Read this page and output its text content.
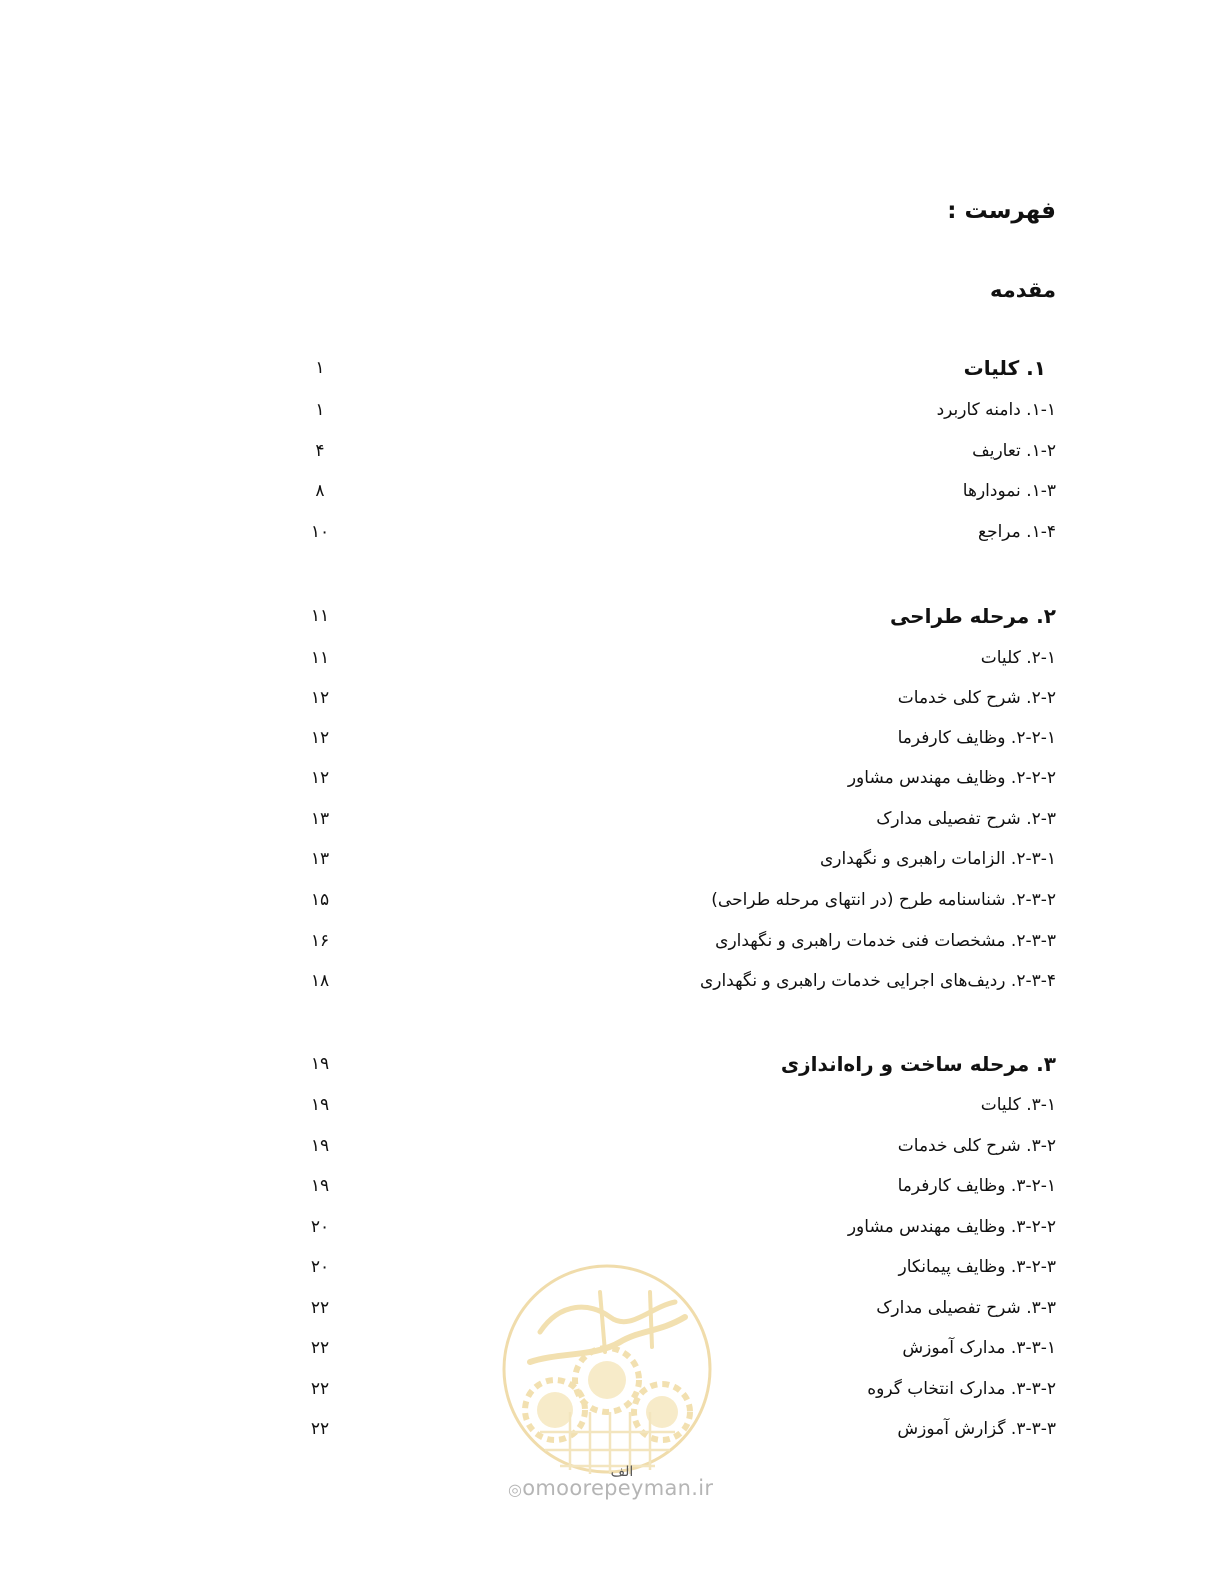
فهرست :
مقدمه
۱. کلیات
۱
۱-۱. دامنه کاربرد
۱
۱-۲. تعاریف
۴
۱-۳. نمودارها
۸
۱-۴. مراجع
۱۰
۲. مرحله طراحی
۱۱
۲-۱. کلیات
۱۱
۲-۲. شرح کلی خدمات
۱۲
۲-۲-۱. وظایف کارفرما
۱۲
۲-۲-۲. وظایف مهندس مشاور
۱۲
۲-۳. شرح تفصیلی مدارک
۱۳
۲-۳-۱. الزامات راهبری و نگهداری
۱۳
۲-۳-۲. شناسنامه طرح (در انتهای مرحله طراحی)
۱۵
۲-۳-۳. مشخصات فنی خدمات راهبری و نگهداری
۱۶
۲-۳-۴. ردیف‌های اجرایی خدمات راهبری و نگهداری
۱۸
۳. مرحله ساخت و راه‌اندازی
۱۹
۳-۱. کلیات
۱۹
۳-۲. شرح کلی خدمات
۱۹
۳-۲-۱. وظایف کارفرما
۱۹
۳-۲-۲. وظایف مهندس مشاور
۲۰
۳-۲-۳. وظایف پیمانکار
۲۰
۳-۳. شرح تفصیلی مدارک
۲۲
۳-۳-۱. مدارک آموزش
۲۲
۳-۳-۲. مدارک انتخاب گروه
۲۲
۳-۳-۳. گزارش آموزش
۲۲
الف
◎omoorepeyman.ir
